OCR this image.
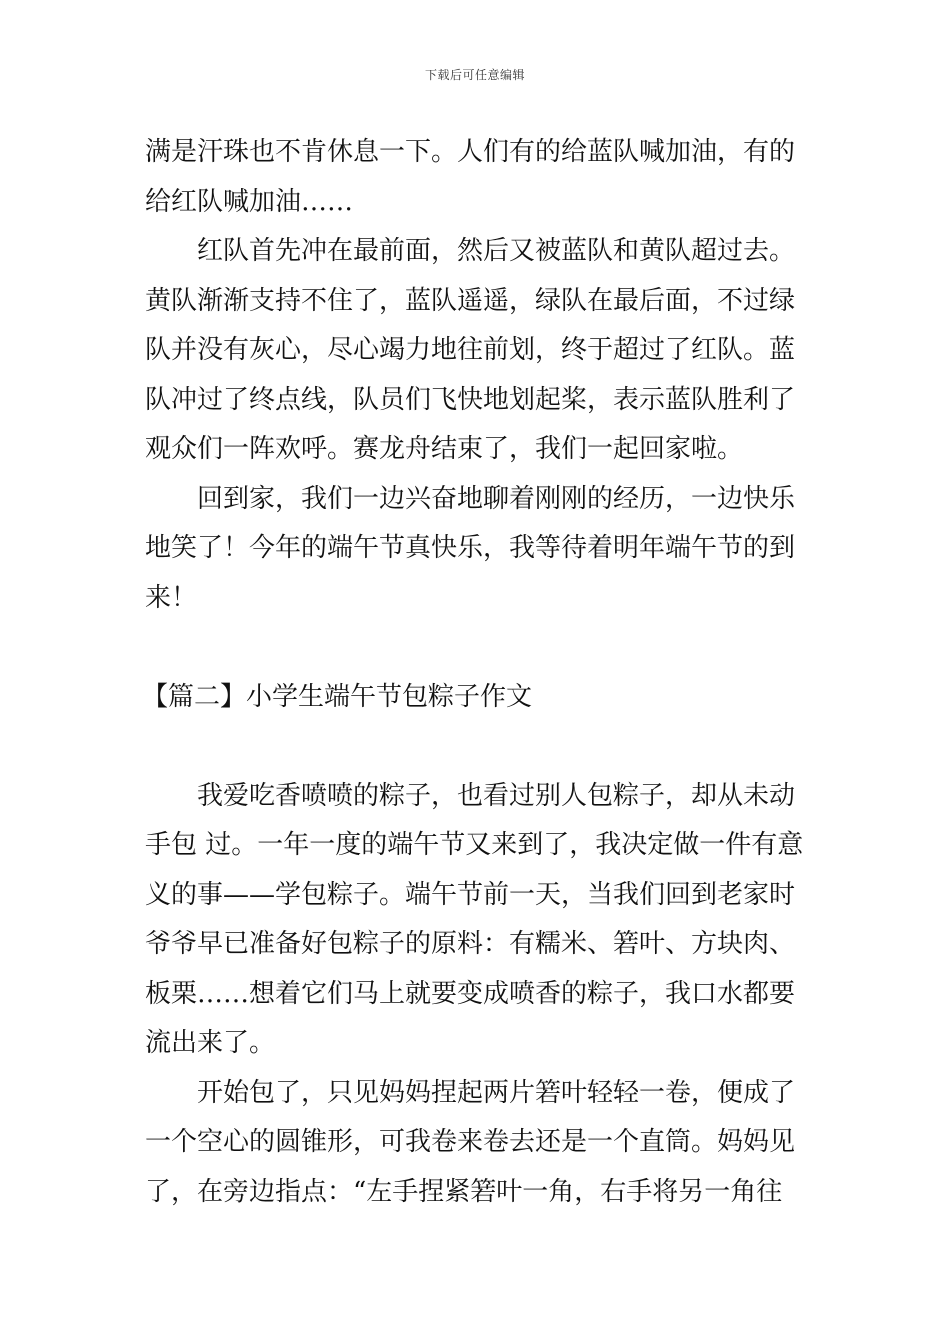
下载后可任意编辑
满是汗珠也不肯休息一下。人们有的给蓝队喊加油，有的
给红队喊加油……
红队首先冲在最前面，然后又被蓝队和黄队超过去。
黄队渐渐支持不住了，蓝队遥遥，绿队在最后面，不过绿
队并没有灰心，尽心竭力地往前划，终于超过了红队。蓝
队冲过了终点线，队员们飞快地划起桨，表示蓝队胜利了
观众们一阵欢呼。赛龙舟结束了，我们一起回家啦。
回到家，我们一边兴奋地聊着刚刚的经历，一边快乐
地笑了！今年的端午节真快乐，我等待着明年端午节的到
来！
【篇二】小学生端午节包粽子作文
我爱吃香喷喷的粽子，也看过别人包粽子，却从未动
手包 过。一年一度的端午节又来到了，我决定做一件有意
义的事——学包粽子。端午节前一天，当我们回到老家时
爷爷早已准备好包粽子的原料：有糯米、箬叶、方块肉、
板栗……想着它们马上就要变成喷香的粽子，我口水都要
流出来了。
开始包了，只见妈妈捏起两片箬叶轻轻一卷，便成了
一个空心的圆锥形，可我卷来卷去还是一个直筒。妈妈见
了，在旁边指点：“左手捏紧箬叶一角，右手将另一角往
